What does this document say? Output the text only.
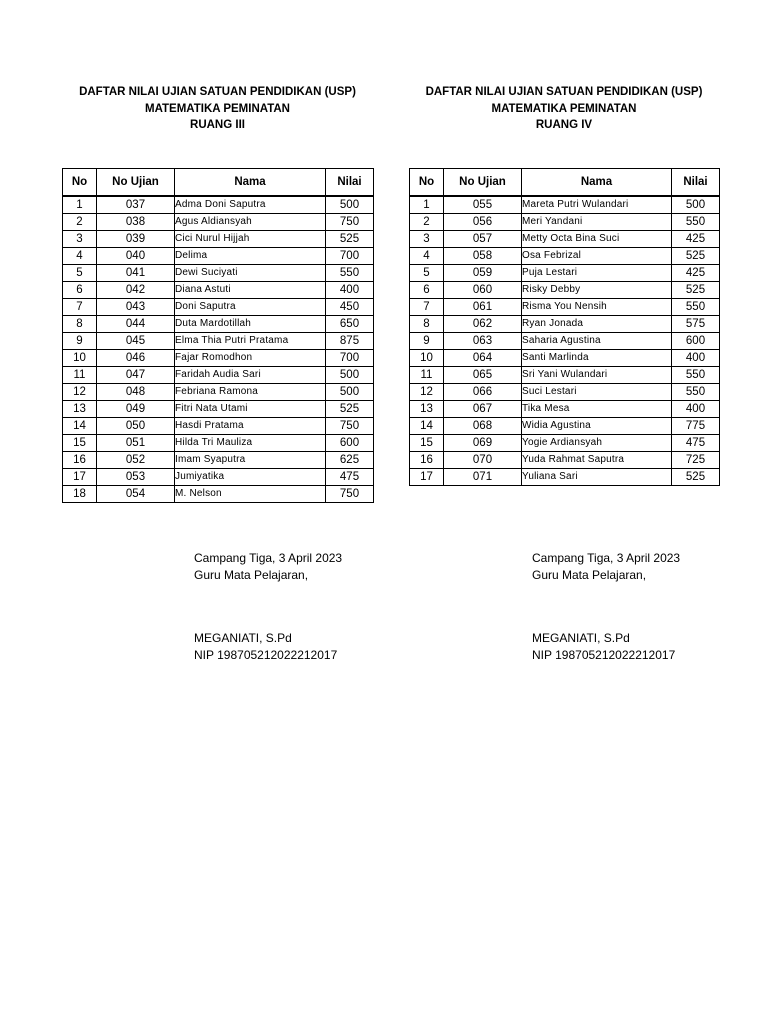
DAFTAR NILAI UJIAN SATUAN PENDIDIKAN (USP)
MATEMATIKA PEMINATAN
RUANG III
No	No Ujian	Nama	Nilai
1	037	Adma Doni Saputra	500
2	038	Agus Aldiansyah	750
3	039	Cici Nurul Hijjah	525
4	040	Delima	700
5	041	Dewi Suciyati	550
6	042	Diana Astuti	400
7	043	Doni Saputra	450
8	044	Duta Mardotillah	650
9	045	Elma Thia Putri Pratama	875
10	046	Fajar Romodhon	700
11	047	Faridah Audia Sari	500
12	048	Febriana Ramona	500
13	049	Fitri Nata Utami	525
14	050	Hasdi Pratama	750
15	051	Hilda Tri Mauliza	600
16	052	Imam Syaputra	625
17	053	Jumiyatika	475
18	054	M. Nelson	750
DAFTAR NILAI UJIAN SATUAN PENDIDIKAN (USP)
MATEMATIKA PEMINATAN
RUANG IV
No	No Ujian	Nama	Nilai
1	055	Mareta Putri Wulandari	500
2	056	Meri Yandani	550
3	057	Metty Octa Bina Suci	425
4	058	Osa Febrizal	525
5	059	Puja Lestari	425
6	060	Risky Debby	525
7	061	Risma You Nensih	550
8	062	Ryan Jonada	575
9	063	Saharia Agustina	600
10	064	Santi Marlinda	400
11	065	Sri Yani Wulandari	550
12	066	Suci Lestari	550
13	067	Tika Mesa	400
14	068	Widia Agustina	775
15	069	Yogie Ardiansyah	475
16	070	Yuda Rahmat Saputra	725
17	071	Yuliana Sari	525
Campang Tiga, 3 April 2023
Guru Mata Pelajaran,
MEGANIATI, S.Pd
NIP 198705212022212017
Campang Tiga, 3 April 2023
Guru Mata Pelajaran,
MEGANIATI, S.Pd
NIP 198705212022212017
